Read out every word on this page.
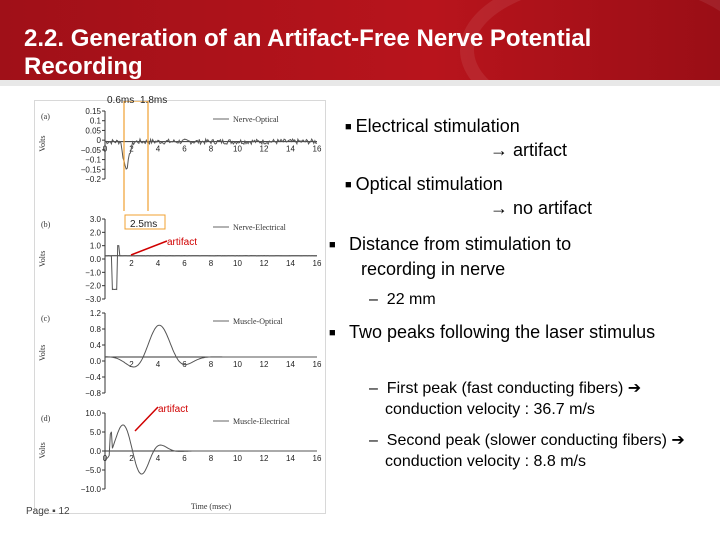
2.2. Generation of an Artifact-Free Nerve Potential Recording
(a)
Volts
0.15
0.1
0.05
0
−0.05
−0.1
−0.15
−0.2
0	2	4	6	8 10 12 14 16
Nerve-Optical
(b)
Volts
3.0
2.0
1.0
0.0
−1.0
−2.0
−3.0
2	4	6	8 10 12 14 16
Nerve-Electrical
(c)
Volts
1.2
0.8
0.4
0.0
−0.4
−0.8
2	4	6	8 10 12 14 16
Muscle-Optical
(d)
Volts
10.0
5.0
0.0
−5.0
−10.0
0	2	4	6	8 10 12 14 16
Muscle-Electrical
Time (msec)
0.6ms 1.8ms
2.5ms
artifact
artifact
■ Electrical stimulation
→ artifact
■ Optical stimulation
→ no artifact
■ Distance from stimulation to recording in nerve
–  22 mm
■ Two peaks following the laser stimulus
–  First peak (fast conducting fibers) ➔ conduction velocity : 36.7 m/s
–  Second peak (slower conducting fibers) ➔ conduction velocity : 8.8 m/s
Page ▪ 12
